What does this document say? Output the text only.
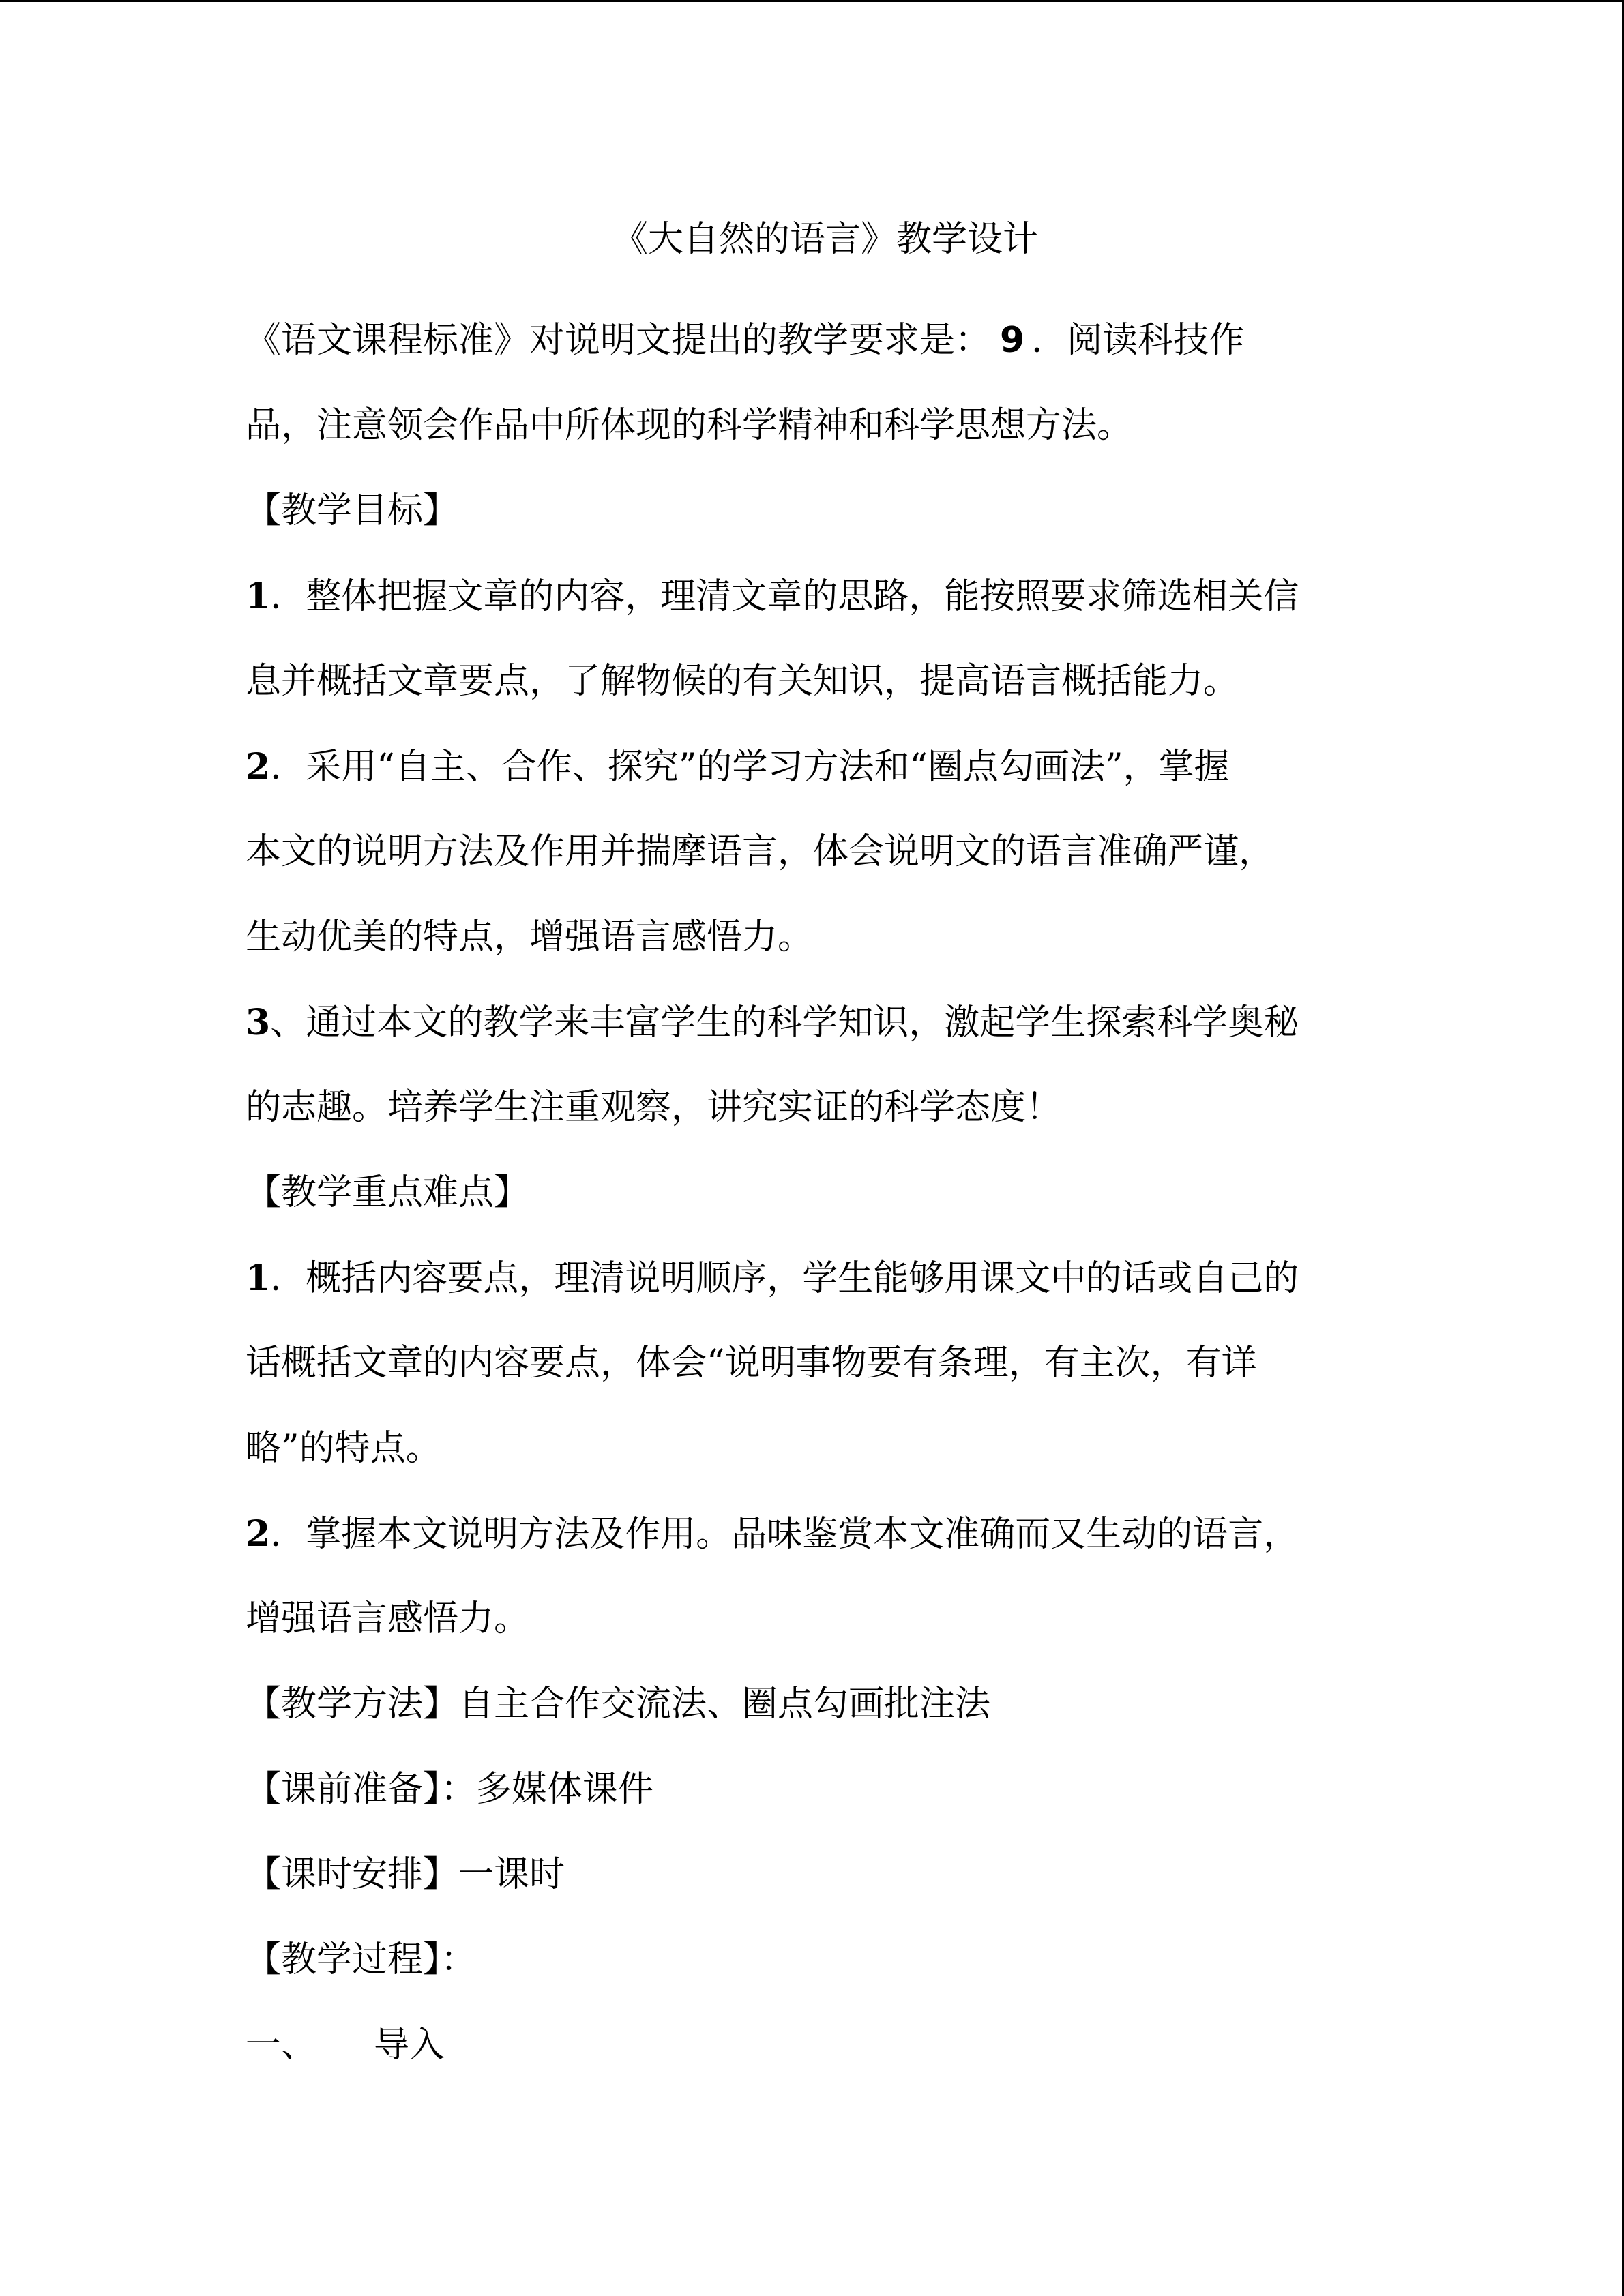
《大自然的语言》教学设计
《语文课程标准》对说明文提出的教学要求是： 9 ．阅读科技作
品，注意领会作品中所体现的科学精神和科学思想方法。
【教学目标】
1．整体把握文章的内容，理清文章的思路，能按照要求筛选相关信
息并概括文章要点，了解物候的有关知识，提高语言概括能力。
2．采用“自主、合作、探究”的学习方法和“圈点勾画法”，掌握
本文的说明方法及作用并揣摩语言，体会说明文的语言准确严谨，
生动优美的特点，增强语言感悟力。
3、通过本文的教学来丰富学生的科学知识，激起学生探索科学奥秘
的志趣。培养学生注重观察，讲究实证的科学态度！
【教学重点难点】
1．概括内容要点，理清说明顺序，学生能够用课文中的话或自己的
话概括文章的内容要点，体会“说明事物要有条理，有主次，有详
略”的特点。
2．掌握本文说明方法及作用。品味鉴赏本文准确而又生动的语言，
增强语言感悟力。
【教学方法】自主合作交流法、圈点勾画批注法
【课前准备】：多媒体课件
【课时安排】一课时
【教学过程】：
一、 导入
